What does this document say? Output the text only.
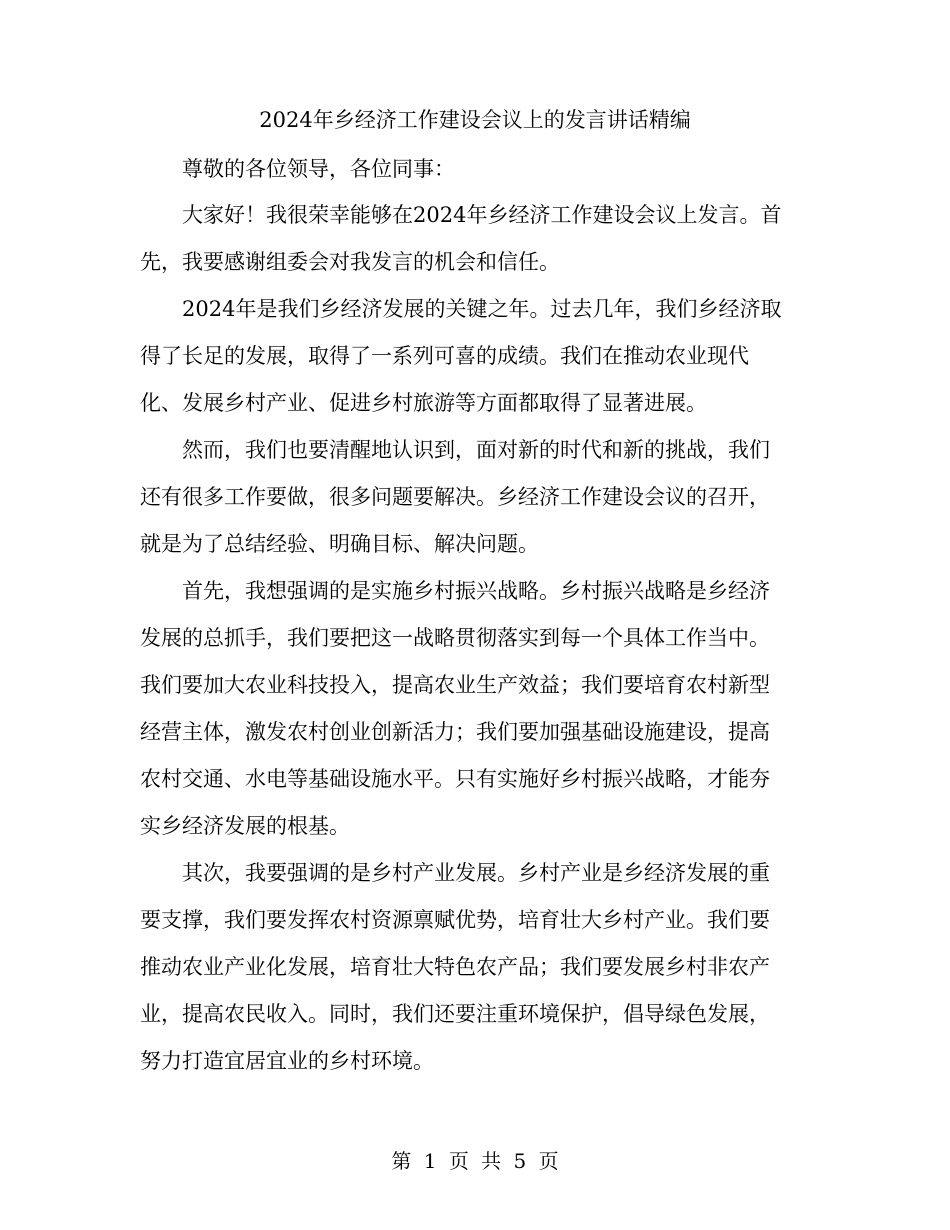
2024年乡经济工作建设会议上的发言讲话精编
　　尊敬的各位领导，各位同事：
　　大家好！我很荣幸能够在2024年乡经济工作建设会议上发言。首
先，我要感谢组委会对我发言的机会和信任。
　　2024年是我们乡经济发展的关键之年。过去几年，我们乡经济取
得了长足的发展，取得了一系列可喜的成绩。我们在推动农业现代
化、发展乡村产业、促进乡村旅游等方面都取得了显著进展。
　　然而，我们也要清醒地认识到，面对新的时代和新的挑战，我们
还有很多工作要做，很多问题要解决。乡经济工作建设会议的召开，
就是为了总结经验、明确目标、解决问题。
　　首先，我想强调的是实施乡村振兴战略。乡村振兴战略是乡经济
发展的总抓手，我们要把这一战略贯彻落实到每一个具体工作当中。
我们要加大农业科技投入，提高农业生产效益；我们要培育农村新型
经营主体，激发农村创业创新活力；我们要加强基础设施建设，提高
农村交通、水电等基础设施水平。只有实施好乡村振兴战略，才能夯
实乡经济发展的根基。
　　其次，我要强调的是乡村产业发展。乡村产业是乡经济发展的重
要支撑，我们要发挥农村资源禀赋优势，培育壮大乡村产业。我们要
推动农业产业化发展，培育壮大特色农产品；我们要发展乡村非农产
业，提高农民收入。同时，我们还要注重环境保护，倡导绿色发展，
努力打造宜居宜业的乡村环境。
第 1 页 共 5 页
